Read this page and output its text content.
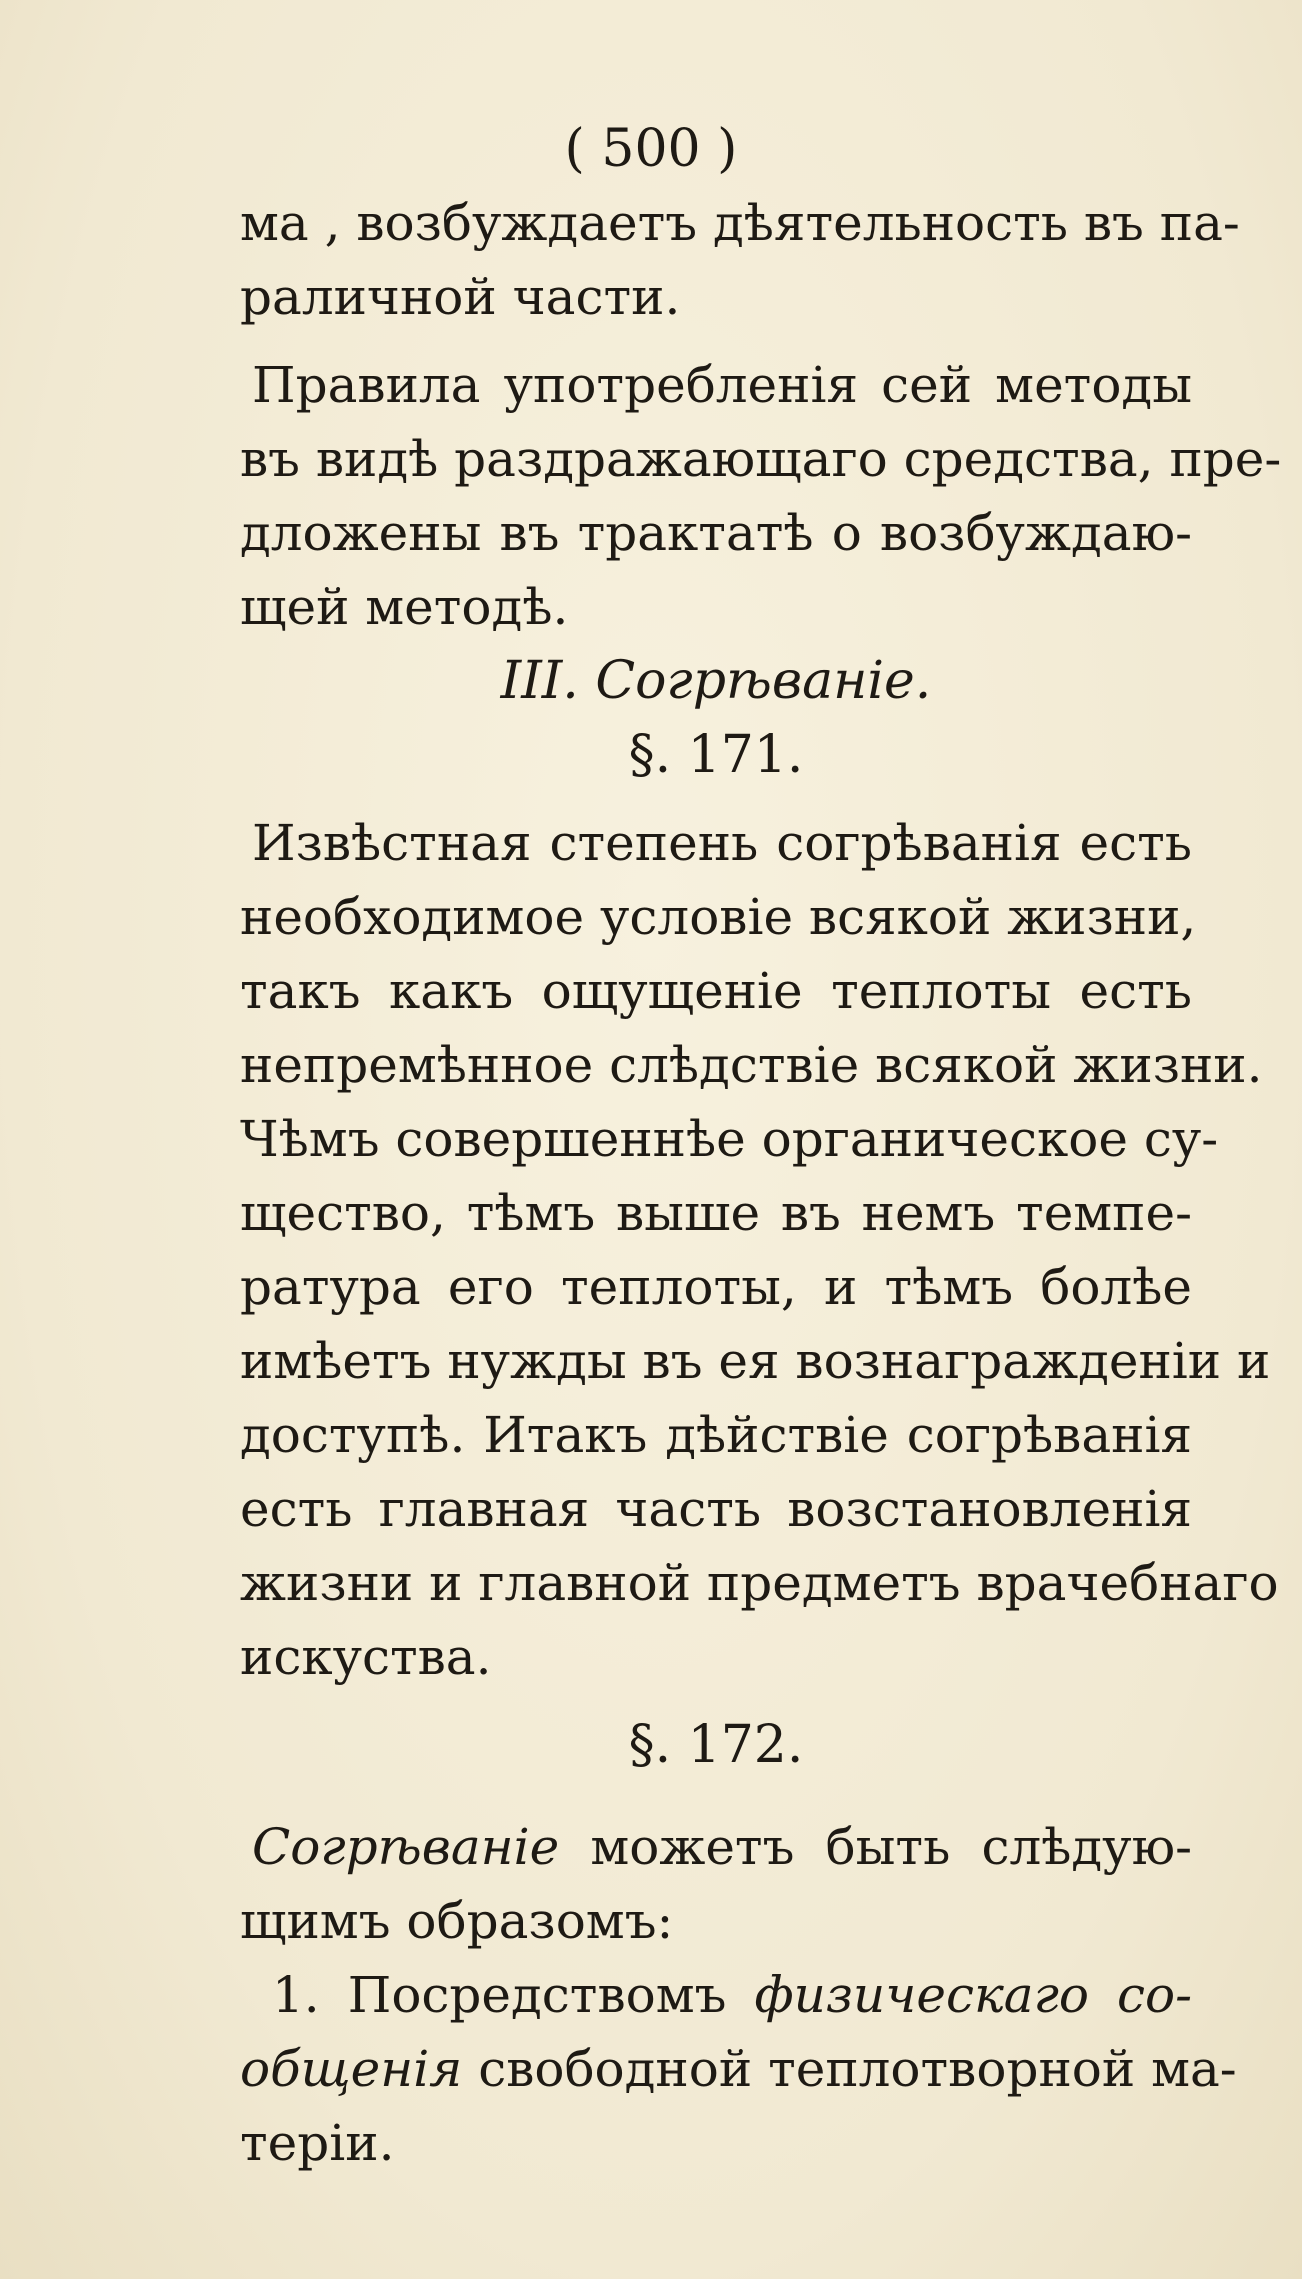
( 500 )
ма , возбуждаетъ дѣятельность въ па-
раличной части.
Правила употребленія сей методы
въ видѣ раздражающаго средства, пре-
дложены въ трактатѣ о возбуждаю-
щей методѣ.
III. Согрѣваніе.
§. 171.
Извѣстная степень согрѣванія есть
необходимое условіе всякой жизни,
такъ какъ ощущеніе теплоты есть
непремѣнное слѣдствіе всякой жизни.
Чѣмъ совершеннѣе органическое су-
щество, тѣмъ выше въ немъ темпе-
ратура его теплоты, и тѣмъ болѣе
имѣетъ нужды въ ея вознагражденіи и
доступѣ. Итакъ дѣйствіе согрѣванія
есть главная часть возстановленія
жизни и главной предметъ врачебнаго
искуства.
§. 172.
Согрѣваніе можетъ быть слѣдую-
щимъ образомъ:
1. Посредствомъ физическаго со-
общенія свободной теплотворной ма-
теріи.
